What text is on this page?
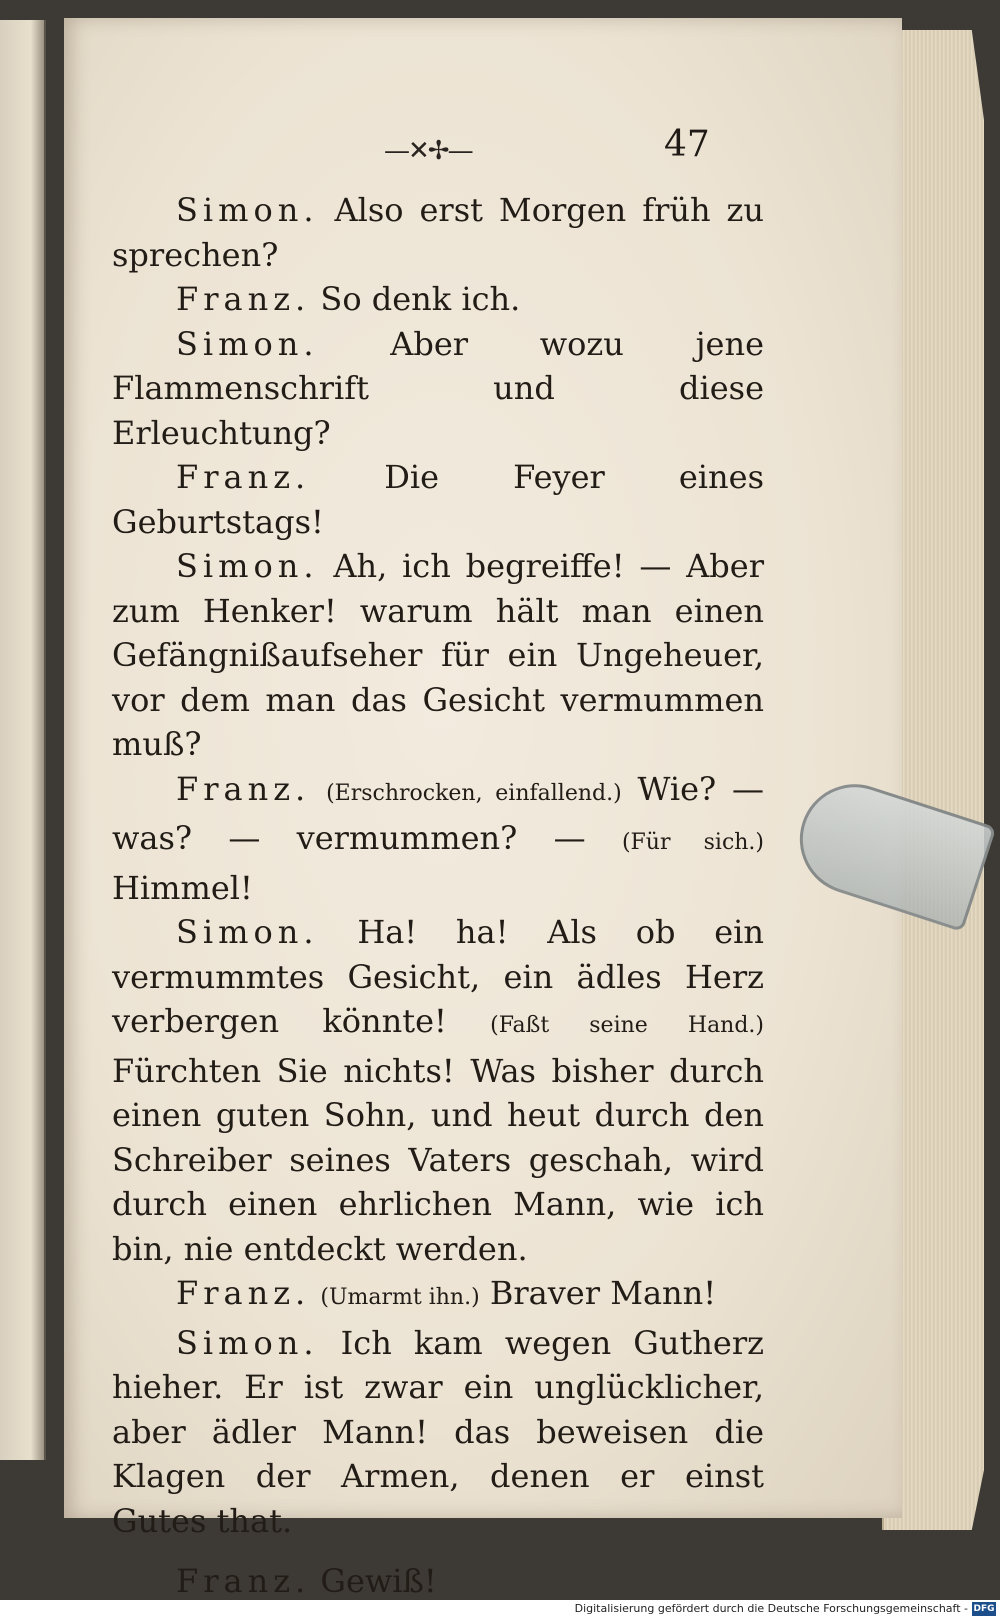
—✕✢—	47

Simon. Also erst Morgen früh zu sprechen?

Franz. So denk ich.

Simon. Aber wozu jene Flammenschrift und diese Erleuchtung?

Franz. Die Feyer eines Geburtstags!

Simon. Ah, ich begreiffe! — Aber zum Henker! warum hält man einen Gefängnißaufseher für ein Ungeheuer, vor dem man das Gesicht vermummen muß?

Franz. (Erschrocken, einfallend.) Wie? — was? — vermummen? — (Für sich.) Himmel!

Simon. Ha! ha! Als ob ein vermummtes Gesicht, ein ädles Herz verbergen könnte! (Faßt seine Hand.) Fürchten Sie nichts! Was bisher durch einen guten Sohn, und heut durch den Schreiber seines Vaters geschah, wird durch einen ehrlichen Mann, wie ich bin, nie entdeckt werden.

Franz. (Umarmt ihn.) Braver Mann!

Simon. Ich kam wegen Gutherz hieher. Er ist zwar ein unglücklicher, aber ädler Mann! das beweisen die Klagen der Armen, denen er einst Gutes that.

Franz. Gewiß!

Digitalisierung gefördert durch die Deutsche Forschungsgemeinschaft - DFG
